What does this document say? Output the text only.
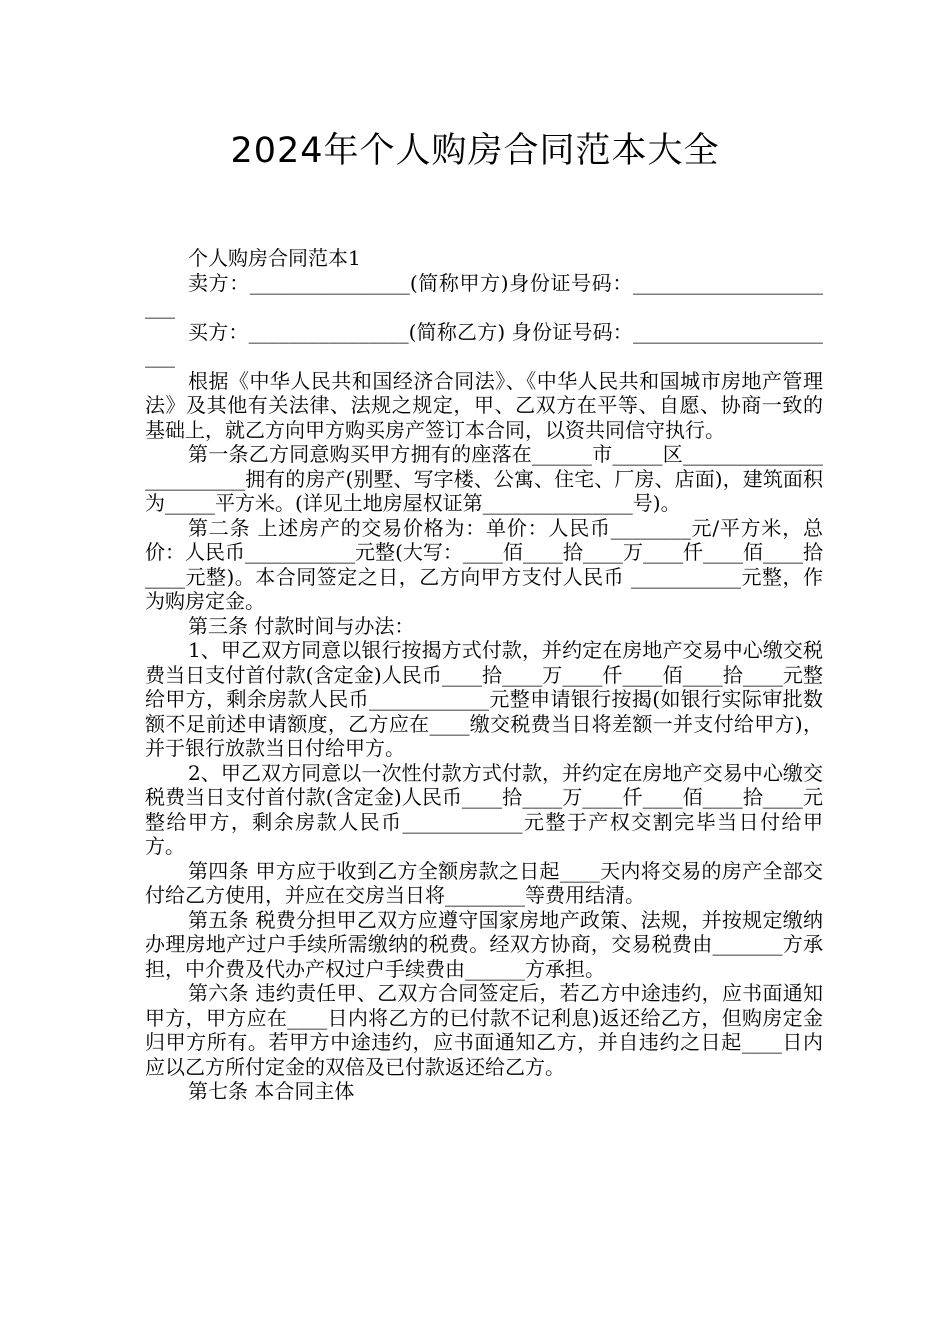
2024年个人购房合同范本大全

个人购房合同范本1

卖方：________________(简称甲方)身份证号码：______________________

买方：________________(简称乙方) 身份证号码：______________________

根据《中华人民共和国经济合同法》、《中华人民共和国城市房地产管理法》及其他有关法律、法规之规定，甲、乙双方在平等、自愿、协商一致的基础上，就乙方向甲方购买房产签订本合同，以资共同信守执行。

第一条乙方同意购买甲方拥有的座落在______市_____区________________________拥有的房产(别墅、写字楼、公寓、住宅、厂房、店面)，建筑面积为_____平方米。(详见土地房屋权证第_______________号)。

第二条 上述房产的交易价格为：单价：人民币________元/平方米，总价：人民币___________元整(大写：____佰____拾____万____仟____佰____拾____元整)。本合同签定之日，乙方向甲方支付人民币 ___________元整，作为购房定金。

第三条 付款时间与办法：

1、甲乙双方同意以银行按揭方式付款，并约定在房地产交易中心缴交税费当日支付首付款(含定金)人民币____拾____万____仟____佰____拾____元整给甲方，剩余房款人民币____________元整申请银行按揭(如银行实际审批数额不足前述申请额度，乙方应在____缴交税费当日将差额一并支付给甲方)，并于银行放款当日付给甲方。

2、甲乙双方同意以一次性付款方式付款，并约定在房地产交易中心缴交税费当日支付首付款(含定金)人民币____拾____万____仟____佰____拾____元整给甲方，剩余房款人民币____________元整于产权交割完毕当日付给甲方。

第四条 甲方应于收到乙方全额房款之日起____天内将交易的房产全部交付给乙方使用，并应在交房当日将________等费用结清。

第五条 税费分担甲乙双方应遵守国家房地产政策、法规，并按规定缴纳办理房地产过户手续所需缴纳的税费。经双方协商，交易税费由_______方承担，中介费及代办产权过户手续费由______方承担。

第六条 违约责任甲、乙双方合同签定后，若乙方中途违约，应书面通知甲方，甲方应在____日内将乙方的已付款不记利息)返还给乙方，但购房定金归甲方所有。若甲方中途违约，应书面通知乙方，并自违约之日起____日内应以乙方所付定金的双倍及已付款返还给乙方。

第七条 本合同主体
